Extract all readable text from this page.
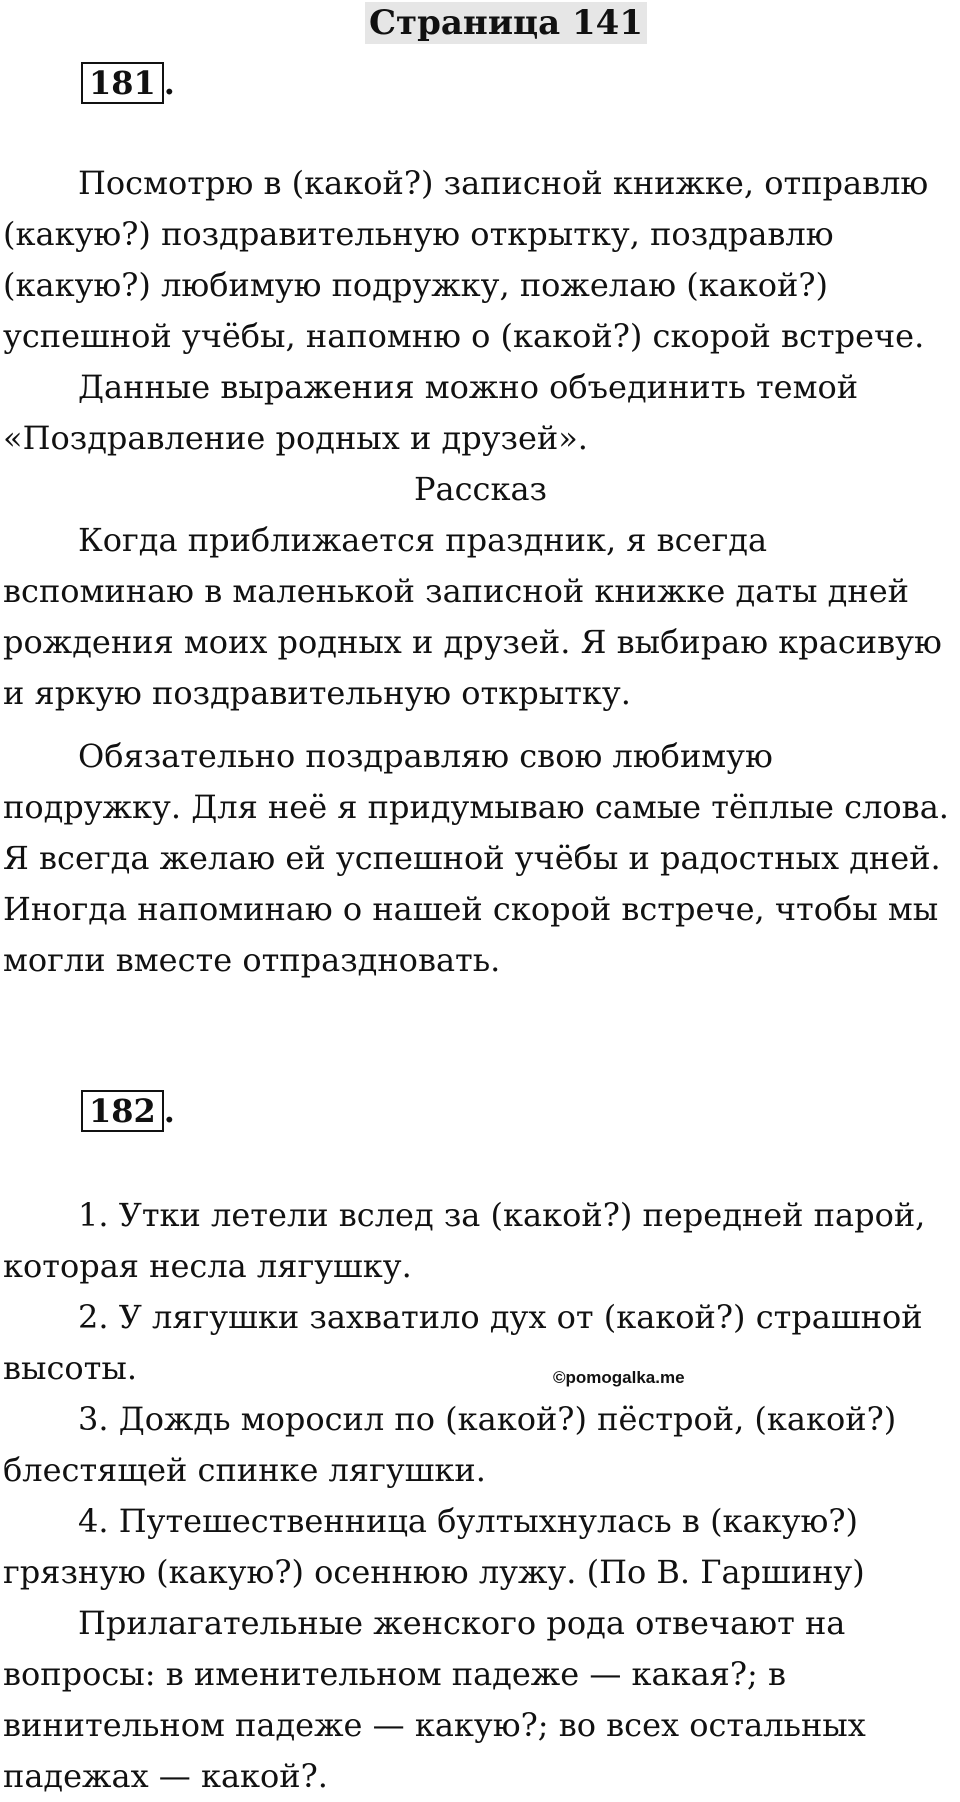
Страница 141
181 .

Посмотрю в (какой?) записной книжке, отправлю (какую?) поздравительную открытку, поздравлю (какую?) любимую подружку, пожелаю (какой?) успешной учёбы, напомню о (какой?) скорой встрече.

Данные выражения можно объединить темой «Поздравление родных и друзей».

Рассказ

Когда приближается праздник, я всегда вспоминаю в маленькой записной книжке даты дней рождения моих родных и друзей. Я выбираю красивую и яркую поздравительную открытку.

Обязательно поздравляю свою любимую подружку. Для неё я придумываю самые тёплые слова. Я всегда желаю ей успешной учёбы и радостных дней. Иногда напоминаю о нашей скорой встрече, чтобы мы могли вместе отпраздновать.

182 .

1. Утки летели вслед за (какой?) передней парой, которая несла лягушку.

2. У лягушки захватило дух от (какой?) страшной высоты.

3. Дождь моросил по (какой?) пёстрой, (какой?) блестящей спинке лягушки.

4. Путешественница бултыхнулась в (какую?) грязную (какую?) осеннюю лужу. (По В. Гаршину)

Прилагательные женского рода отвечают на вопросы: в именительном падеже — какая?; в винительном падеже — какую?; во всех остальных падежах — какой?.

©pomogalka.me
